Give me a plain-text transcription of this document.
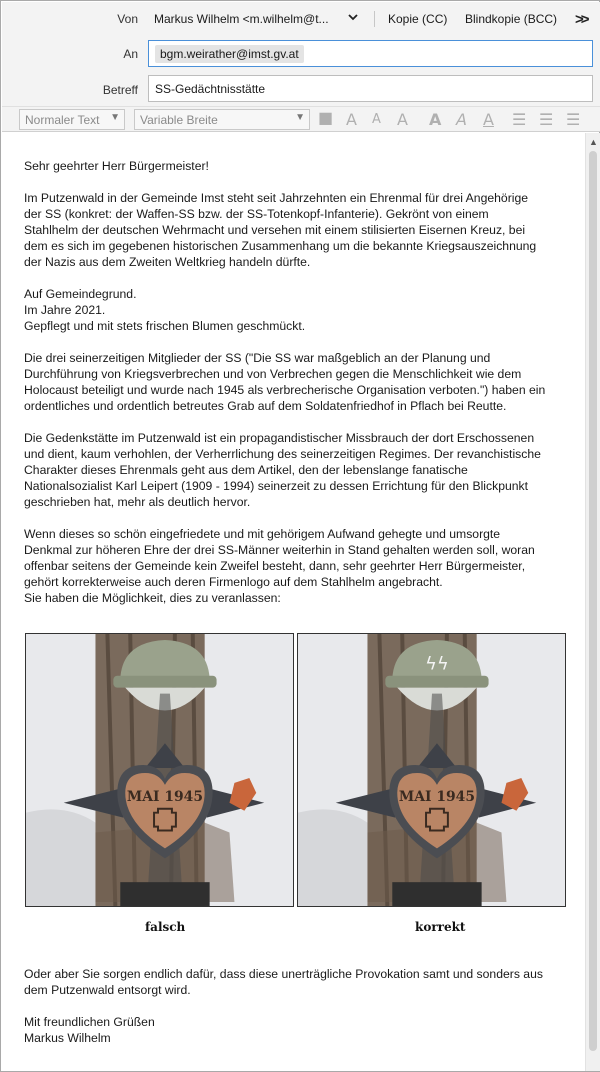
Von Markus Wilhelm <m.wilhelm@t...	Kopie (CC) Blindkopie (BCC) >>
An	bgm.weirather@imst.gv.at
Betreff SS-Gedächtnisstätte
Normaler Text ▼	Variable Breite	▼ ■ A A A A A A ☰ ☰ ☰
Sehr geehrter Herr Bürgermeister!
Im Putzenwald in der Gemeinde Imst steht seit Jahrzehnten ein Ehrenmal für drei Angehörige
der SS (konkret: der Waffen-SS bzw. der SS-Totenkopf-Infanterie). Gekrönt von einem
Stahlhelm der deutschen Wehrmacht und versehen mit einem stilisierten Eisernen Kreuz, bei
dem es sich im gegebenen historischen Zusammenhang um die bekannte Kriegsauszeichnung
der Nazis aus dem Zweiten Weltkrieg handeln dürfte.
Auf Gemeindegrund.
Im Jahre 2021.
Gepflegt und mit stets frischen Blumen geschmückt.
Die drei seinerzeitigen Mitglieder der SS ("Die SS war maßgeblich an der Planung und
Durchführung von Kriegsverbrechen und von Verbrechen gegen die Menschlichkeit wie dem
Holocaust beteiligt und wurde nach 1945 als verbrecherische Organisation verboten.") haben ein
ordentliches und ordentlich betreutes Grab auf dem Soldatenfriedhof in Pflach bei Reutte.
Die Gedenkstätte im Putzenwald ist ein propagandistischer Missbrauch der dort Erschossenen
und dient, kaum verhohlen, der Verherrlichung des seinerzeitigen Regimes. Der revanchistische
Charakter dieses Ehrenmals geht aus dem Artikel, den der lebenslange fanatische
Nationalsozialist Karl Leipert (1909 - 1994) seinerzeit zu dessen Errichtung für den Blickpunkt
geschrieben hat, mehr als deutlich hervor.
Wenn dieses so schön eingefriedete und mit gehörigem Aufwand gehegte und umsorgte
Denkmal zur höheren Ehre der drei SS-Männer weiterhin in Stand gehalten werden soll, woran
offenbar seitens der Gemeinde kein Zweifel besteht, dann, sehr geehrter Herr Bürgermeister,
gehört korrekterweise auch deren Firmenlogo auf dem Stahlhelm angebracht.
Sie haben die Möglichkeit, dies zu veranlassen:
MAI 1945
ϟϟ
MAI 1945
falsch	korrekt
Oder aber Sie sorgen endlich dafür, dass diese unerträgliche Provokation samt und sonders aus
dem Putzenwald entsorgt wird.
Mit freundlichen Grüßen
Markus Wilhelm
▲
